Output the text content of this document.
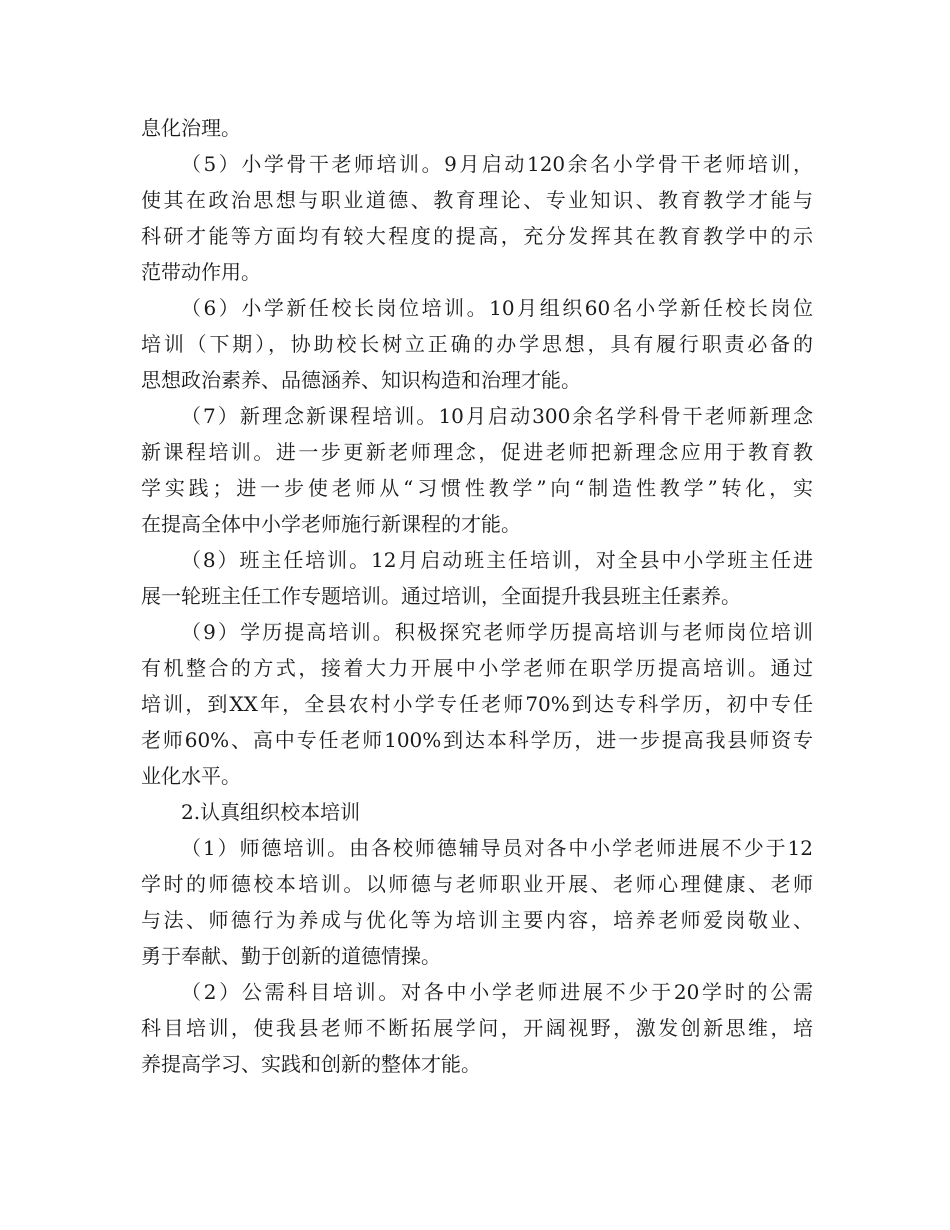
息化治理。
（5）小学骨干老师培训。9月启动120余名小学骨干老师培训，
使其在政治思想与职业道德、教育理论、专业知识、教育教学才能与
科研才能等方面均有较大程度的提高，充分发挥其在教育教学中的示
范带动作用。
（6）小学新任校长岗位培训。10月组织60名小学新任校长岗位
培训（下期），协助校长树立正确的办学思想，具有履行职责必备的
思想政治素养、品德涵养、知识构造和治理才能。
（7）新理念新课程培训。10月启动300余名学科骨干老师新理念
新课程培训。进一步更新老师理念，促进老师把新理念应用于教育教
学实践；进一步使老师从“习惯性教学”向“制造性教学”转化，实
在提高全体中小学老师施行新课程的才能。
（8）班主任培训。12月启动班主任培训，对全县中小学班主任进
展一轮班主任工作专题培训。通过培训，全面提升我县班主任素养。
（9）学历提高培训。积极探究老师学历提高培训与老师岗位培训
有机整合的方式，接着大力开展中小学老师在职学历提高培训。通过
培训，到XX年，全县农村小学专任老师70%到达专科学历，初中专任
老师60%、高中专任老师100%到达本科学历，进一步提高我县师资专
业化水平。
2.认真组织校本培训
（1）师德培训。由各校师德辅导员对各中小学老师进展不少于12
学时的师德校本培训。以师德与老师职业开展、老师心理健康、老师
与法、师德行为养成与优化等为培训主要内容，培养老师爱岗敬业、
勇于奉献、勤于创新的道德情操。
（2）公需科目培训。对各中小学老师进展不少于20学时的公需
科目培训，使我县老师不断拓展学问，开阔视野，激发创新思维，培
养提高学习、实践和创新的整体才能。
